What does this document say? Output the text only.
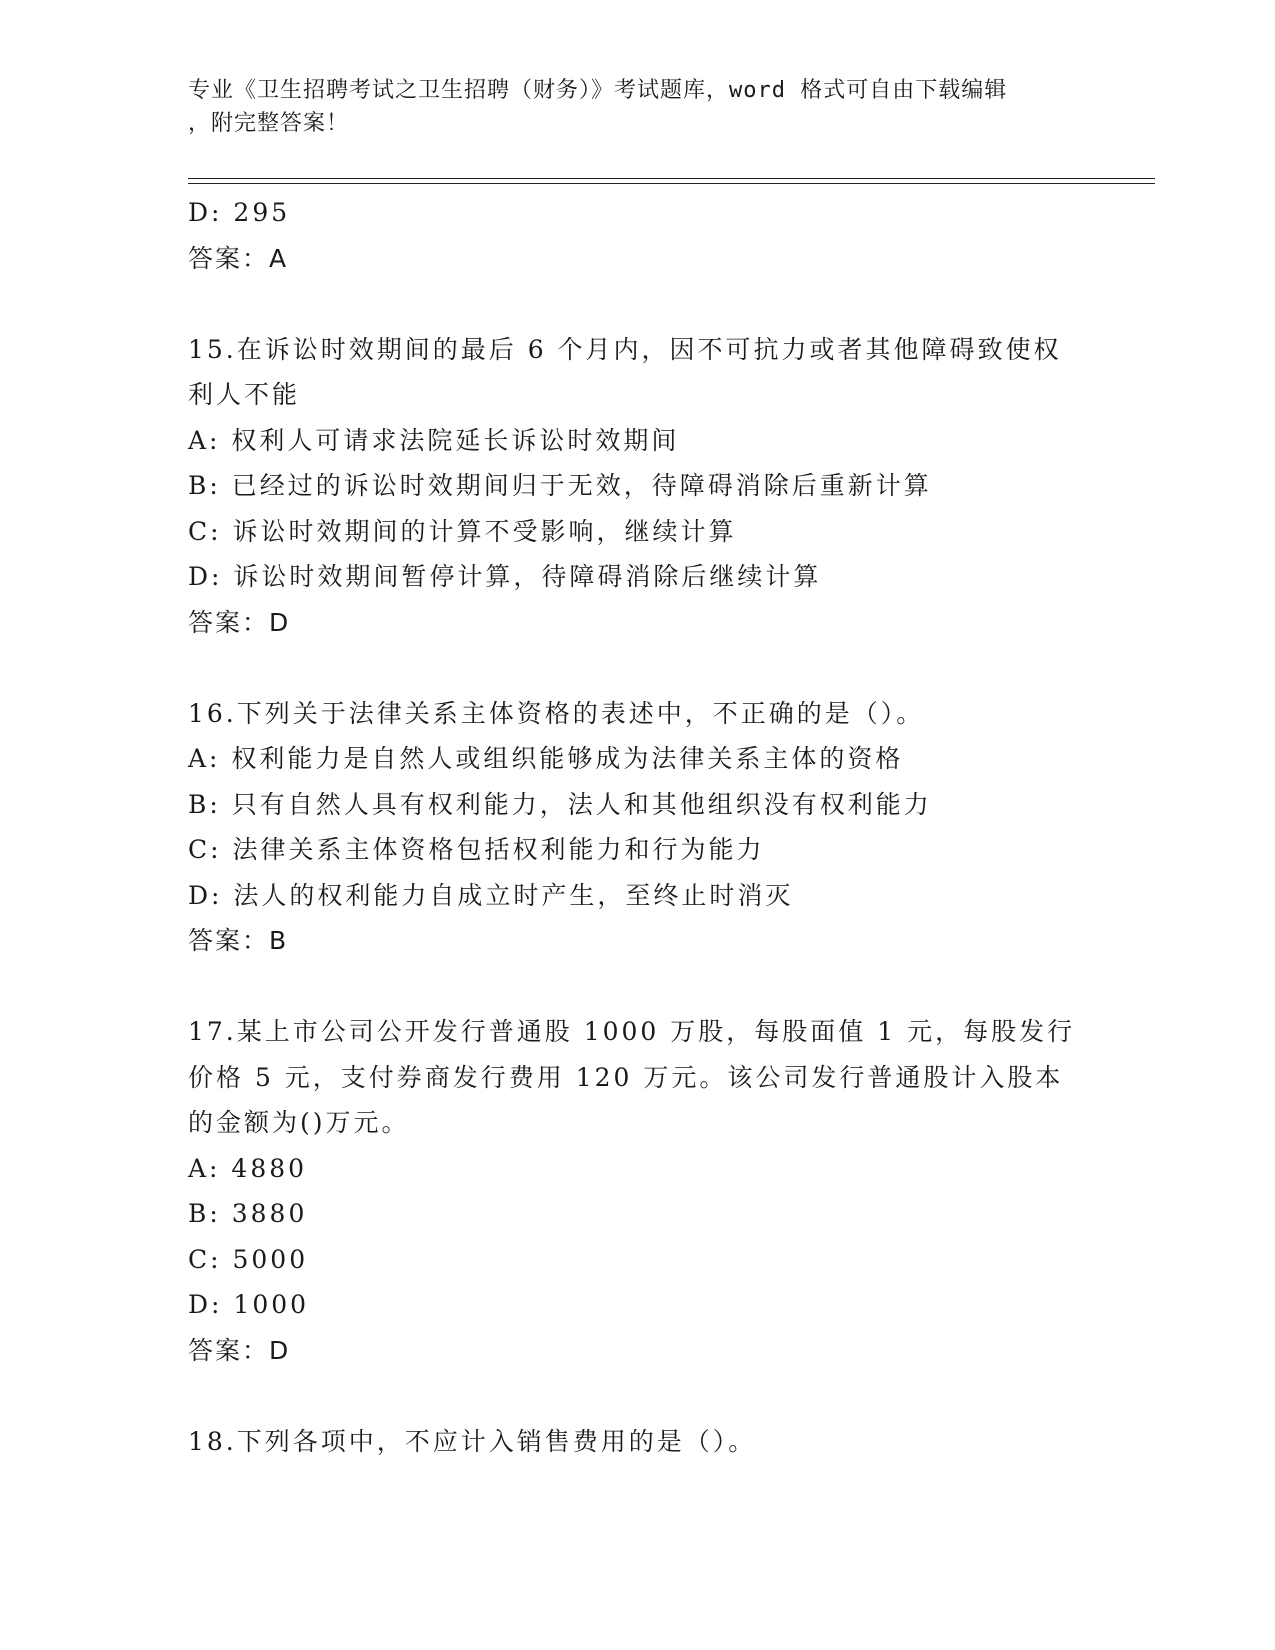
专业《卫生招聘考试之卫生招聘（财务）》考试题库，word 格式可自由下载编辑
，附完整答案！
D: 295
答案：A
15.在诉讼时效期间的最后 6 个月内，因不可抗力或者其他障碍致使权
利人不能
A: 权利人可请求法院延长诉讼时效期间
B: 已经过的诉讼时效期间归于无效，待障碍消除后重新计算
C: 诉讼时效期间的计算不受影响，继续计算
D: 诉讼时效期间暂停计算，待障碍消除后继续计算
答案：D
16.下列关于法律关系主体资格的表述中，不正确的是（）。
A: 权利能力是自然人或组织能够成为法律关系主体的资格
B: 只有自然人具有权利能力，法人和其他组织没有权利能力
C: 法律关系主体资格包括权利能力和行为能力
D: 法人的权利能力自成立时产生，至终止时消灭
答案：B
17.某上市公司公开发行普通股 1000 万股，每股面值 1 元，每股发行
价格 5 元，支付券商发行费用 120 万元。该公司发行普通股计入股本
的金额为()万元。
A: 4880
B: 3880
C: 5000
D: 1000
答案：D
18.下列各项中，不应计入销售费用的是（）。
